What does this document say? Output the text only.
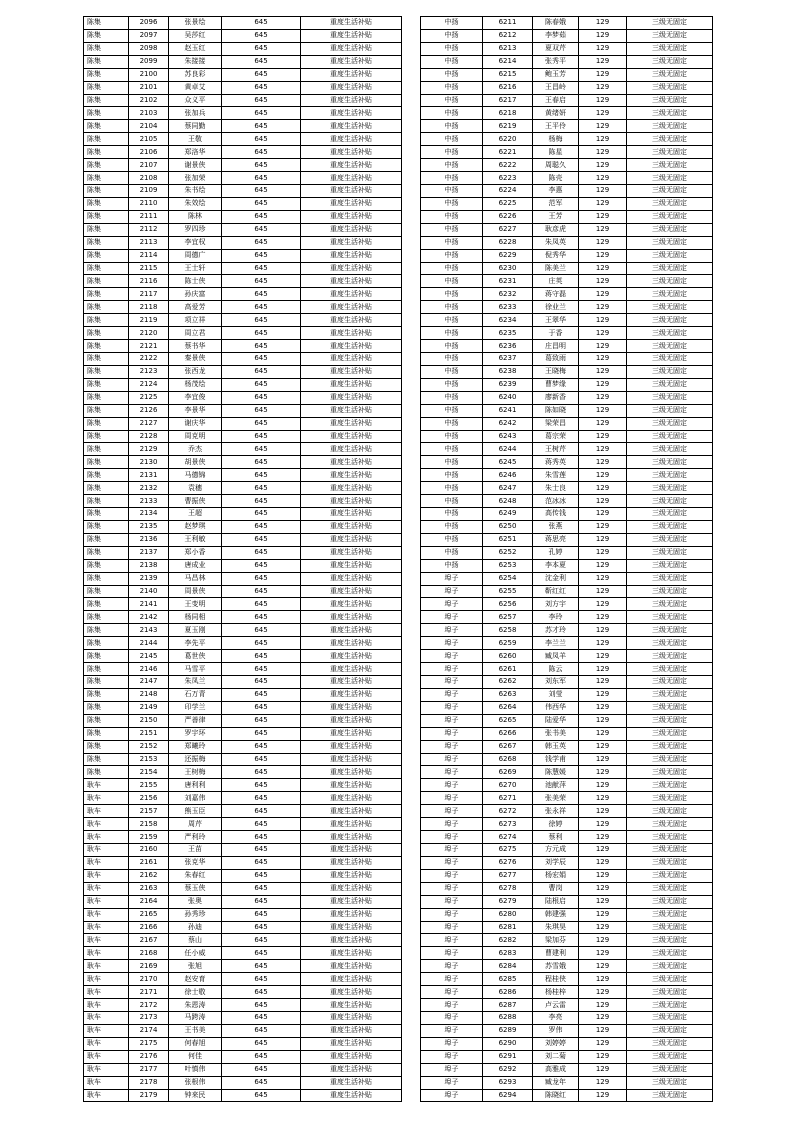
陈集	2096	张景绘	645	重度生活补贴
陈集	2097	吴莎红	645	重度生活补贴
陈集	2098	赵玉红	645	重度生活补贴
陈集	2099	朱接接	645	重度生活补贴
陈集	2100	苏良彩	645	重度生活补贴
陈集	2101	黄卓艾	645	重度生活补贴
陈集	2102	众义平	645	重度生活补贴
陈集	2103	张加兵	645	重度生活补贴
陈集	2104	蔡同勤	645	重度生活补贴
陈集	2105	王敬	645	重度生活补贴
陈集	2106	郑洛华	645	重度生活补贴
陈集	2107	谢景侠	645	重度生活补贴
陈集	2108	张加荣	645	重度生活补贴
陈集	2109	朱书绘	645	重度生活补贴
陈集	2110	朱效绘	645	重度生活补贴
陈集	2111	陈林	645	重度生活补贴
陈集	2112	罗四珍	645	重度生活补贴
陈集	2113	李宜权	645	重度生活补贴
陈集	2114	周德广	645	重度生活补贴
陈集	2115	王士轩	645	重度生活补贴
陈集	2116	陈士侠	645	重度生活补贴
陈集	2117	孙庆富	645	重度生活补贴
陈集	2118	高爱芳	645	重度生活补贴
陈集	2119	项立祥	645	重度生活补贴
陈集	2120	周立君	645	重度生活补贴
陈集	2121	蔡书华	645	重度生活补贴
陈集	2122	秦景侠	645	重度生活补贴
陈集	2123	张西龙	645	重度生活补贴
陈集	2124	杨茂绘	645	重度生活补贴
陈集	2125	李宜俊	645	重度生活补贴
陈集	2126	李景华	645	重度生活补贴
陈集	2127	谢庆华	645	重度生活补贴
陈集	2128	周克明	645	重度生活补贴
陈集	2129	乔杰	645	重度生活补贴
陈集	2130	胡景侠	645	重度生活补贴
陈集	2131	马德锦	645	重度生活补贴
陈集	2132	袁穗	645	重度生活补贴
陈集	2133	曹振侠	645	重度生活补贴
陈集	2134	王超	645	重度生活补贴
陈集	2135	赵梦琪	645	重度生活补贴
陈集	2136	王利敏	645	重度生活补贴
陈集	2137	郑小香	645	重度生活补贴
陈集	2138	唐成业	645	重度生活补贴
陈集	2139	马昌林	645	重度生活补贴
陈集	2140	周景侠	645	重度生活补贴
陈集	2141	王变明	645	重度生活补贴
陈集	2142	杨同相	645	重度生活补贴
陈集	2143	夏玉刚	645	重度生活补贴
陈集	2144	李先平	645	重度生活补贴
陈集	2145	葛世侠	645	重度生活补贴
陈集	2146	马雪平	645	重度生活补贴
陈集	2147	朱凤兰	645	重度生活补贴
陈集	2148	石万青	645	重度生活补贴
陈集	2149	印学兰	645	重度生活补贴
陈集	2150	严善律	645	重度生活补贴
陈集	2151	罗宇环	645	重度生活补贴
陈集	2152	郑曦玲	645	重度生活补贴
陈集	2153	还振梅	645	重度生活补贴
陈集	2154	王树梅	645	重度生活补贴
耿车	2155	唐利利	645	重度生活补贴
耿车	2156	刘嘉伟	645	重度生活补贴
耿车	2157	熊玉臣	645	重度生活补贴
耿车	2158	周芹	645	重度生活补贴
耿车	2159	严利玲	645	重度生活补贴
耿车	2160	王苗	645	重度生活补贴
耿车	2161	张克华	645	重度生活补贴
耿车	2162	朱春红	645	重度生活补贴
耿车	2163	蔡玉侠	645	重度生活补贴
耿车	2164	张奥	645	重度生活补贴
耿车	2165	孙秀珍	645	重度生活补贴
耿车	2166	孙迪	645	重度生活补贴
耿车	2167	蔡山	645	重度生活补贴
耿车	2168	任小威	645	重度生活补贴
耿车	2169	张旭	645	重度生活补贴
耿车	2170	赵安育	645	重度生活补贴
耿车	2171	徐士敬	645	重度生活补贴
耿车	2172	朱恩涛	645	重度生活补贴
耿车	2173	马跨涛	645	重度生活补贴
耿车	2174	王书美	645	重度生活补贴
耿车	2175	何春旭	645	重度生活补贴
耿车	2176	何佳	645	重度生活补贴
耿车	2177	叶慎伟	645	重度生活补贴
耿车	2178	张根伟	645	重度生活补贴
耿车	2179	钟来民	645	重度生活补贴
中扬	6211	陈春娥	129	三级无固定
中扬	6212	李梦茹	129	三级无固定
中扬	6213	夏双芹	129	三级无固定
中扬	6214	张秀平	129	三级无固定
中扬	6215	鲍玉芳	129	三级无固定
中扬	6216	王昌岭	129	三级无固定
中扬	6217	王春启	129	三级无固定
中扬	6218	黄绪妍	129	三级无固定
中扬	6219	王平伶	129	三级无固定
中扬	6220	杨梅	129	三级无固定
中扬	6221	陈星	129	三级无固定
中扬	6222	周聪久	129	三级无固定
中扬	6223	陈壳	129	三级无固定
中扬	6224	李惠	129	三级无固定
中扬	6225	范军	129	三级无固定
中扬	6226	王芳	129	三级无固定
中扬	6227	耿彦虎	129	三级无固定
中扬	6228	朱凤英	129	三级无固定
中扬	6229	倪秀华	129	三级无固定
中扬	6230	陈美兰	129	三级无固定
中扬	6231	庄英	129	三级无固定
中扬	6232	蒋守磊	129	三级无固定
中扬	6233	徐业兰	129	三级无固定
中扬	6234	王翠华	129	三级无固定
中扬	6235	于香	129	三级无固定
中扬	6236	庄昌明	129	三级无固定
中扬	6237	葛致雨	129	三级无固定
中扬	6238	王晓梅	129	三级无固定
中扬	6239	曹梦缘	129	三级无固定
中扬	6240	廖新香	129	三级无固定
中扬	6241	陈如晓	129	三级无固定
中扬	6242	梁荣昌	129	三级无固定
中扬	6243	葛宗荣	129	三级无固定
中扬	6244	王树芹	129	三级无固定
中扬	6245	蒋秀英	129	三级无固定
中扬	6246	朱雪莲	129	三级无固定
中扬	6247	朱士良	129	三级无固定
中扬	6248	范冰冰	129	三级无固定
中扬	6249	高传钱	129	三级无固定
中扬	6250	张燕	129	三级无固定
中扬	6251	蒋思亮	129	三级无固定
中扬	6252	孔婷	129	三级无固定
中扬	6253	李本夏	129	三级无固定
埠子	6254	沈金利	129	三级无固定
埠子	6255	靳红红	129	三级无固定
埠子	6256	刘方宇	129	三级无固定
埠子	6257	李玲	129	三级无固定
埠子	6258	苏才玲	129	三级无固定
埠子	6259	李兰兰	129	三级无固定
埠子	6260	臧凤羊	129	三级无固定
埠子	6261	陈云	129	三级无固定
埠子	6262	刘东军	129	三级无固定
埠子	6263	刘莹	129	三级无固定
埠子	6264	伟西华	129	三级无固定
埠子	6265	陆爱华	129	三级无固定
埠子	6266	张书美	129	三级无固定
埠子	6267	韩玉英	129	三级无固定
埠子	6268	钱学甫	129	三级无固定
埠子	6269	陈慧媛	129	三级无固定
埠子	6270	池献萍	129	三级无固定
埠子	6271	张美荣	129	三级无固定
埠子	6272	张永祥	129	三级无固定
埠子	6273	徐婷	129	三级无固定
埠子	6274	蔡利	129	三级无固定
埠子	6275	方元成	129	三级无固定
埠子	6276	刘学辰	129	三级无固定
埠子	6277	杨宏娟	129	三级无固定
埠子	6278	曹岗	129	三级无固定
埠子	6279	陆根启	129	三级无固定
埠子	6280	韩建强	129	三级无固定
埠子	6281	朱琪昊	129	三级无固定
埠子	6282	梁加芬	129	三级无固定
埠子	6283	曹建利	129	三级无固定
埠子	6284	苏雪娥	129	三级无固定
埠子	6285	程桂侠	129	三级无固定
埠子	6286	杨桂梓	129	三级无固定
埠子	6287	卢云雷	129	三级无固定
埠子	6288	李亮	129	三级无固定
埠子	6289	罗伟	129	三级无固定
埠子	6290	刘婷婷	129	三级无固定
埠子	6291	刘二菊	129	三级无固定
埠子	6292	高雅成	129	三级无固定
埠子	6293	臧龙年	129	三级无固定
埠子	6294	陈晓红	129	三级无固定
